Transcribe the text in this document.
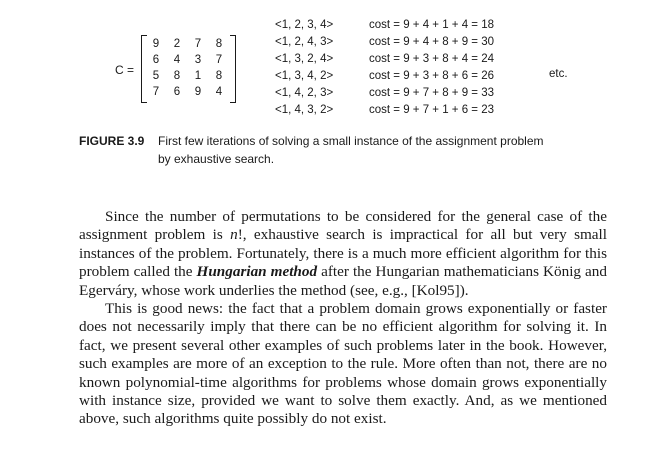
C =
9 2 7 8
6 4 3 7
5 8 1 8
7 6 9 4
<1, 2, 3, 4>	cost = 9 + 4 + 1 + 4 = 18
<1, 2, 4, 3>	cost = 9 + 4 + 8 + 9 = 30
<1, 3, 2, 4>	cost = 9 + 3 + 8 + 4 = 24
<1, 3, 4, 2>	cost = 9 + 3 + 8 + 6 = 26
<1, 4, 2, 3>	cost = 9 + 7 + 8 + 9 = 33
<1, 4, 3, 2>	cost = 9 + 7 + 1 + 6 = 23
etc.
FIGURE 3.9 First few iterations of solving a small instance of the assignment problem
by exhaustive search.

Since the number of permutations to be considered for the general case of the assignment problem is n!, exhaustive search is impractical for all but very small instances of the problem. Fortunately, there is a much more efficient algorithm for this problem called the Hungarian method after the Hungarian mathematicians König and Egerváry, whose work underlies the method (see, e.g., [Kol95]).

This is good news: the fact that a problem domain grows exponentially or faster does not necessarily imply that there can be no efficient algorithm for solving it. In fact, we present several other examples of such problems later in the book. However, such examples are more of an exception to the rule. More often than not, there are no known polynomial-time algorithms for problems whose domain grows exponentially with instance size, provided we want to solve them exactly. And, as we mentioned above, such algorithms quite possibly do not exist.
